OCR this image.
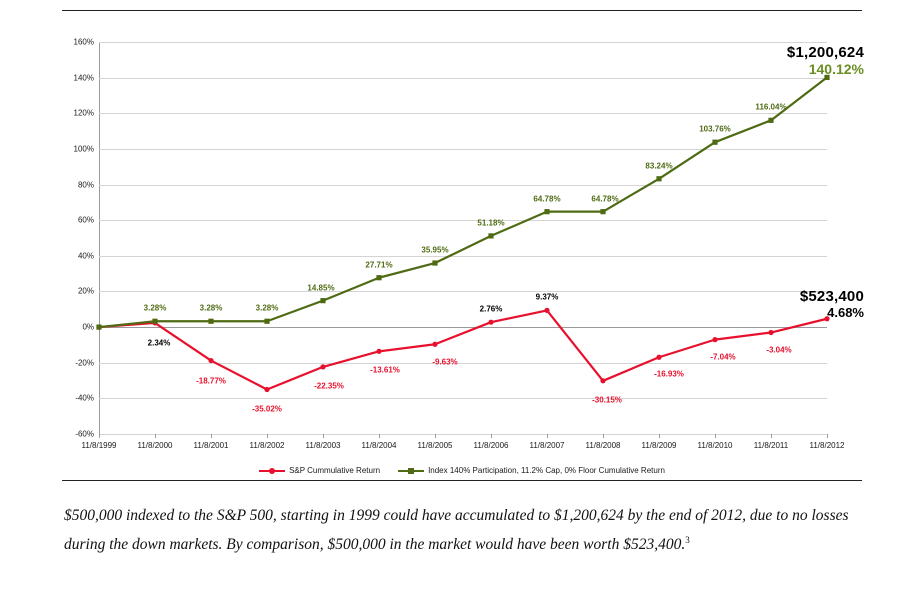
160%
140%
120%
100%
80%
60%
40%
20%
0%
-20%
-40%
-60%
11/8/1999	11/8/2000	11/8/2001	11/8/2002	11/8/2003	11/8/2004	11/8/2005	11/8/2006	11/8/2007	11/8/2008	11/8/2009	11/8/2010	11/8/2011	11/8/2012
2.34%
-18.77%
-35.02%
-22.35%
-13.61%
-9.63%
2.76%
9.37%
-30.15%
-16.93%
-7.04%
-3.04%
3.28%	3.28%	3.28%
14.85%
27.71%
35.95%
51.18%
64.78%	64.78%
83.24%
103.76%
116.04%
S&P Cummulative Return	Index 140% Participation, 11.2% Cap, 0% Floor Cumulative Return
$1,200,624
140.12%
$523,400
4.68%
$500,000 indexed to the S&P 500, starting in 1999 could have accumulated to $1,200,624 by the end of 2012, due to no losses during the down markets. By comparison, $500,000 in the market would have been worth $523,400.$^3$
